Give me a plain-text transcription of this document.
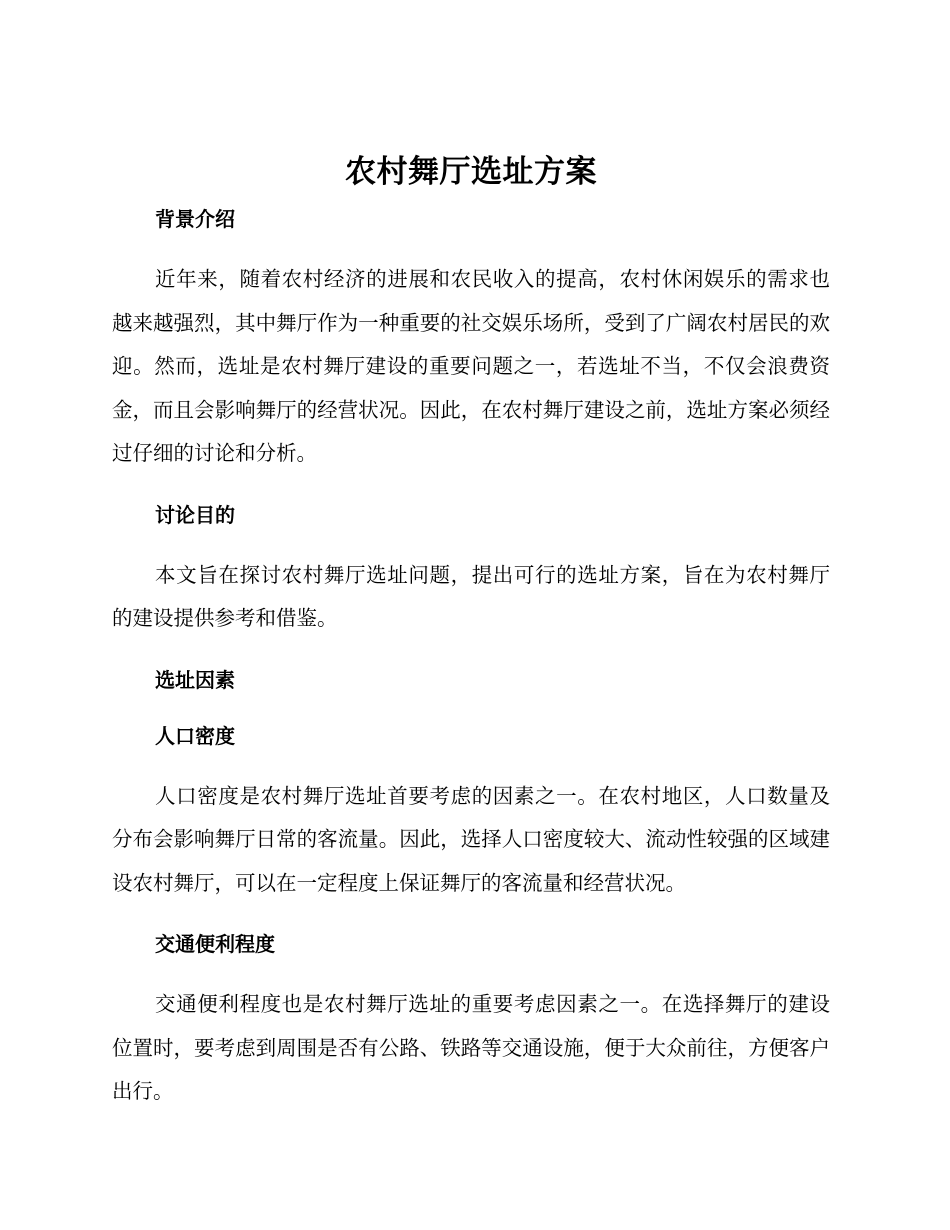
农村舞厅选址方案
背景介绍

近年来，随着农村经济的进展和农民收入的提高，农村休闲娱乐的需求也越来越强烈，其中舞厅作为一种重要的社交娱乐场所，受到了广阔农村居民的欢迎。然而，选址是农村舞厅建设的重要问题之一，若选址不当，不仅会浪费资金，而且会影响舞厅的经营状况。因此，在农村舞厅建设之前，选址方案必须经过仔细的讨论和分析。

讨论目的

本文旨在探讨农村舞厅选址问题，提出可行的选址方案，旨在为农村舞厅的建设提供参考和借鉴。

选址因素
人口密度

人口密度是农村舞厅选址首要考虑的因素之一。在农村地区，人口数量及分布会影响舞厅日常的客流量。因此，选择人口密度较大、流动性较强的区域建设农村舞厅，可以在一定程度上保证舞厅的客流量和经营状况。

交通便利程度

交通便利程度也是农村舞厅选址的重要考虑因素之一。在选择舞厅的建设位置时，要考虑到周围是否有公路、铁路等交通设施，便于大众前往，方便客户出行。
